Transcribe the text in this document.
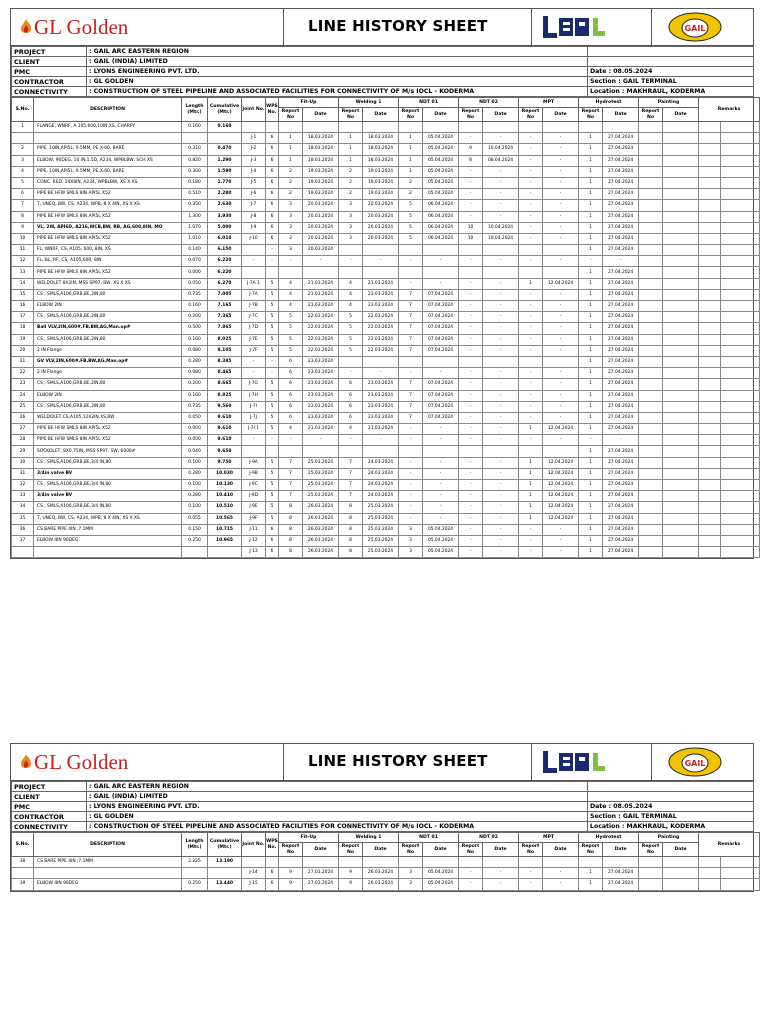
GL Golden	LINE HISTORY SHEET	GAIL
PROJECT	: GAIL ARC EASTERN REGION	
CLIENT	: GAIL (INDIA) LIMITED	
PMC	: LYONS ENGINEERING PVT. LTD.	Date : 08.05.2024
CONTRACTOR	: GL GOLDEN	Section : GAIL TERMINAL
CONNECTIVITY	: CONSTRUCTION OF STEEL PIPELINE AND ASSOCIATED FACILITIES FOR CONNECTIVITY OF M/s IOCL - KODERMA	Location : MAKHRAUL, KODERMA
S.No.	DESCRIPTION	Length (Mtr.)	Cumulative (Mtr.)	Joint No.	WPS No.	Fit-Up		Welding 1		NDT 01		NDT 02		MPT		Hydrotest		Painting		Remarks	
						Report No	Date	Report No	Date	Report No	Date	Report No	Date	Report No	Date	Report No	Date	Report No	Date		
1	FLANGE, WNRF, A 105,600,10IN,XS, CHARPY	0.160	0.160																		
				J-1	6	1	18.03.2024	1	18.03.2024	1	05.04.2024	-	-	-	-	1	27.04.2024				
2	PIPE, 10IN,API5L, 9.5MM, PE,X-60, BARE	0.310	0.470	J-2	6	1	18.03.2024	1	18.03.2024	1	05.04.2024	9	10.04.2024	-	-	1	27.04.2024				
3	ELBOW, 90DEG, 10 IN,1.5D, A234, WPBLBW, SCH XS	0.820	1.290	J-3	6	1	18.03.2024	1	18.03.2024	1	05.04.2024	8	08.04.2024	-	-	1	27.04.2024				
4	PIPE, 10IN,API5L, 9.5MM, PE,X-60, BARE	0.300	1.590	J-4	6	2	19.03.2024	2	19.03.2024	1	05.04.2024	-	-	-	-	1	27.04.2024				
5	CONC. RED. 10X8IN, A234, WPBLBW, XS X XS	0.180	1.770	J-5	6	2	19.03.2024	2	19.03.2024	2	05.04.2024	-	-	-	-	1	27.04.2024				
6	PIPE BE HFW SMLS 8IN API5L X52	0.510	2.280	J-6	6	2	19.03.2024	2	19.03.2024	2	05.04.2024	-	-	-	-	1	27.04.2024				
7	T, UNEQ, BW, CS, A234, WPB, 8 X 4IN, XS X XS	0.350	2.630	J-7	6	3	20.03.2024	3	20.03.2024	5	06.04.2024	-	-	-	-	1	27.04.2024				
8	PIPE BE HFW SMLS 8IN API5L X52	1.300	3.930	J-8	6	3	20.03.2024	3	20.03.2024	5	06.04.2024	-	-	-	-	1	27.04.2024				
9	VL, 2W, API6D, A216,WCB,BW, RB, AG,600,8IN, MO	1.070	5.000	J-9	6	3	20.03.2024	3	20.03.2024	5	06.04.2024	10	10.04.2024	-	-	1	27.04.2024				
10	PIPE BE HFW SMLS 8IN API5L X52	1.010	6.010	J-10	6	3	20.03.2024	3	20.03.2024	5	06.04.2024	10	10.04.2024	-	-	1	27.04.2024				
11	FL, WNRF, CS, A105, 600, 8IN, XS	0.140	6.150		-	3	20.03.2024									1	27.04.2024				
12	FL, BL, RF, CS, A105,600, 8IN	0.070	6.220	-	-	-	-	-	-	-	-	-	-	-	-	-	-				
13	PIPE BE HFW SMLS 8IN API5L X52	0.000	6.220													1	27.04.2024				
14	WELDOLET 8X2IN, MSS SP97, BW, XS X XS	0.050	6.270	J-7A 1	5	4	21.03.2024	4	21.03.2024	-	-	-	-	1	12.04.2024	1	27.04.2024				
15	CS , SMLS,A106,GRB,BE,2IN,80	0.735	7.005	J-7A	5	4	21.03.2024	4	23.03.2024	7	07.04.2024	-	-	-	-	1	27.04.2024				
16	ELBOW 2IN	0.160	7.165	J-7B	5	4	21.03.2024	4	23.03.2024	7	07.04.2024	-	-	-	-	1	27.04.2024				
17	CS , SMLS,A106,GRB,BE,2IN,80	0.200	7.365	J-7C	5	5	22.03.2024	5	22.03.2024	7	07.04.2024	-	-	-	-	1	27.04.2024				
18	Ball VLV,2IN,600#,FB,BW,AG,Man.op#	0.500	7.865	J-7D	5	5	22.03.2024	5	22.03.2024	7	07.04.2024	-	-	-	-	1	27.04.2024				
19	CS , SMLS,A106,GRB,BE,2IN,80	0.160	8.025	J-7E	5	5	22.03.2024	5	22.03.2024	7	07.04.2024	-	-	-	-	1	27.04.2024				
20	2 IN Flange	0.080	8.105	J-7F	5	5	22.03.2024	5	22.03.2024	7	07.04.2024	-	-	-	-	1	27.04.2024				
21	GV VLV,2IN,600#,FB,BW,AG,Man.op#	0.280	8.385	-	-	6	23.03.2024									1	27.04.2024				
22	2 IN Flange	0.080	8.465	-	-	6	23.03.2024	-	-	-	-	-	-	-	-	1	27.04.2024				
23	CS , SMLS,A106,GRB,BE,2IN,80	0.200	8.665	J-7G	5	6	23.03.2024	6	23.03.2024	7	07.04.2024	-	-	-	-	1	27.04.2024				
24	ELBOW 2IN	0.160	8.825	J-7H	5	6	23.03.2024	6	23.03.2024	7	07.04.2024	-	-	-	-	1	27.04.2024				
25	CS , SMLS,A106,GRB,BE,2IN,80	0.735	9.560	J-7I	5	6	23.03.2024	6	23.03.2024	7	07.04.2024	-	-	-	-	1	27.04.2024				
26	WELDOLET,CS,A105,12X2IN,XS,BW	0.050	9.610	J-7J	5	6	23.03.2024	6	23.03.2024	7	07.04.2024	-	-	-	-	1	27.04.2024				
27	PIPE BE HFW SMLS 8IN API5L X52	0.000	9.610	J-7I 1	5	4	21.03.2024	4	21.03.2024	-	-	-	-	1	12.04.2024	1	27.04.2024				
28	PIPE BE HFW SMLS 8IN API5L X52	0.000	9.610	-	-	-	-	-	-	-	-	-	-	-	-	-	-				
29	SOCKOLET, 8X0.75IN, MSS SP97, SW, 6000#	0.040	9.650													1	27.04.2024				
30	CS , SMLS,A106,GRB,BE,3/4 IN,80	0.100	9.750	J-9A	5	7	25.03.2024	7	24.03.2024	-	-	-	-	1	12.04.2024	1	27.04.2024				
31	3/4in valve BV	0.280	10.030	J-9B	5	7	25.03.2024	7	24.03.2024	-	-	-	-	1	12.04.2024	1	27.04.2024				
32	CS , SMLS,A106,GRB,BE,3/4 IN,80	0.100	10.130	J-9C	5	7	25.03.2024	7	24.03.2024	-	-	-	-	1	12.04.2024	1	27.04.2024				
33	3/4in valve BV	0.280	10.410	J-9D	5	7	25.03.2024	7	24.03.2024	-	-	-	-	1	12.04.2024	1	27.04.2024				
34	CS , SMLS,A106,GRB,BE,3/4 IN,80	0.100	10.510	J-9E	5	8	26.03.2024	8	25.03.2024	-	-	-	-	1	12.04.2024	1	27.04.2024				
35	T, UNEQ, BW, CS, A234, WPB, 8 X 4IN, XS X XS	0.055	10.565	J-9F	5	8	26.03.2024	8	25.03.2024	-	-	-	-	1	12.04.2024	1	27.04.2024				
36	CS BARE PIPE 4IN ,7.1MM	0.150	10.715	J-11	6	8	26.03.2024	8	25.03.2024	3	05.04.2024	-	-	-	-	1	27.04.2024				
37	ELBOW 4IN 90DEG	0.250	10.965	J-12	6	8	26.03.2024	8	25.03.2024	3	05.04.2024	-	-	-	-	1	27.04.2024				
				J-13	6	8	26.03.2024	8	25.03.2024	3	05.04.2024	-	-	-	-	1	27.04.2024				
GL Golden	LINE HISTORY SHEET	GAIL
PROJECT	: GAIL ARC EASTERN REGION	
CLIENT	: GAIL (INDIA) LIMITED	
PMC	: LYONS ENGINEERING PVT. LTD.	Date : 08.05.2024
CONTRACTOR	: GL GOLDEN	Section : GAIL TERMINAL
CONNECTIVITY	: CONSTRUCTION OF STEEL PIPELINE AND ASSOCIATED FACILITIES FOR CONNECTIVITY OF M/s IOCL - KODERMA	Location : MAKHRAUL, KODERMA
S.No.	DESCRIPTION	Length (Mtr.)	Cumulative (Mtr.)	Joint No.	WPS No.	Fit-Up		Welding 1		NDT 01		NDT 02		MPT		Hydrotest		Painting		Remarks	
						Report No	Date	Report No	Date	Report No	Date	Report No	Date	Report No	Date	Report No	Date	Report No	Date		
38	CS BARE PIPE 4IN ,7.1MM	2.225	13.190																		
				J-14	6	9	27.03.2024	9	26.03.2024	3	05.04.2024	-	-	-	-	1	27.04.2024				
39	ELBOW 4IN 90DEG	0.250	13.440	J-15	6	9	27.03.2024	9	26.03.2024	3	05.04.2024	-	-	-	-	1	27.04.2024				
